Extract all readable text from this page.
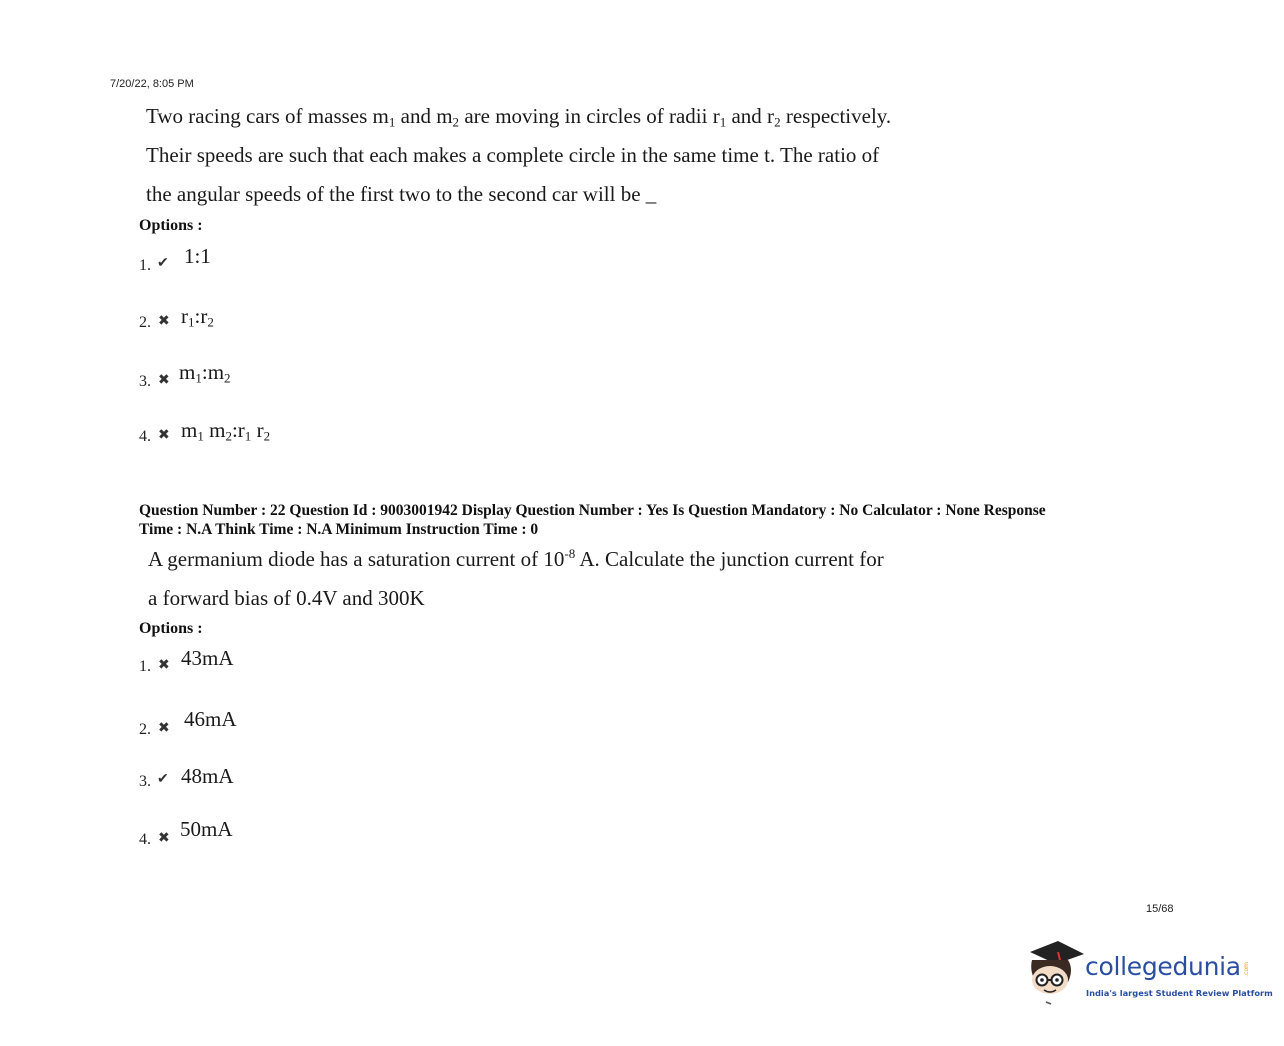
7/20/22, 8:05 PM
Two racing cars of masses $m_1$ and $m_2$ are moving in circles of radii $r_1$ and $r_2$ respectively.
Their speeds are such that each makes a complete circle in the same time t. The ratio of
the angular speeds of the first two to the second car will be _
Options :
1. ✔ 1:1
2. ✖ $r_1:r_2$
3. ✖ $m_1:m_2$
4. ✖ $m_1$ $m_2:r_1$ $r_2$
Question Number : 22 Question Id : 9003001942 Display Question Number : Yes Is Question Mandatory : No Calculator : None Response
Time : N.A Think Time : N.A Minimum Instruction Time : 0
A germanium diode has a saturation current of $10^{-8}$ A. Calculate the junction current for
a forward bias of 0.4V and 300K
Options :
1. ✖ 43mA
2. ✖ 46mA
3. ✔ 48mA
4. ✖ 50mA
15/68
collegedunia .com
India's largest Student Review Platform
